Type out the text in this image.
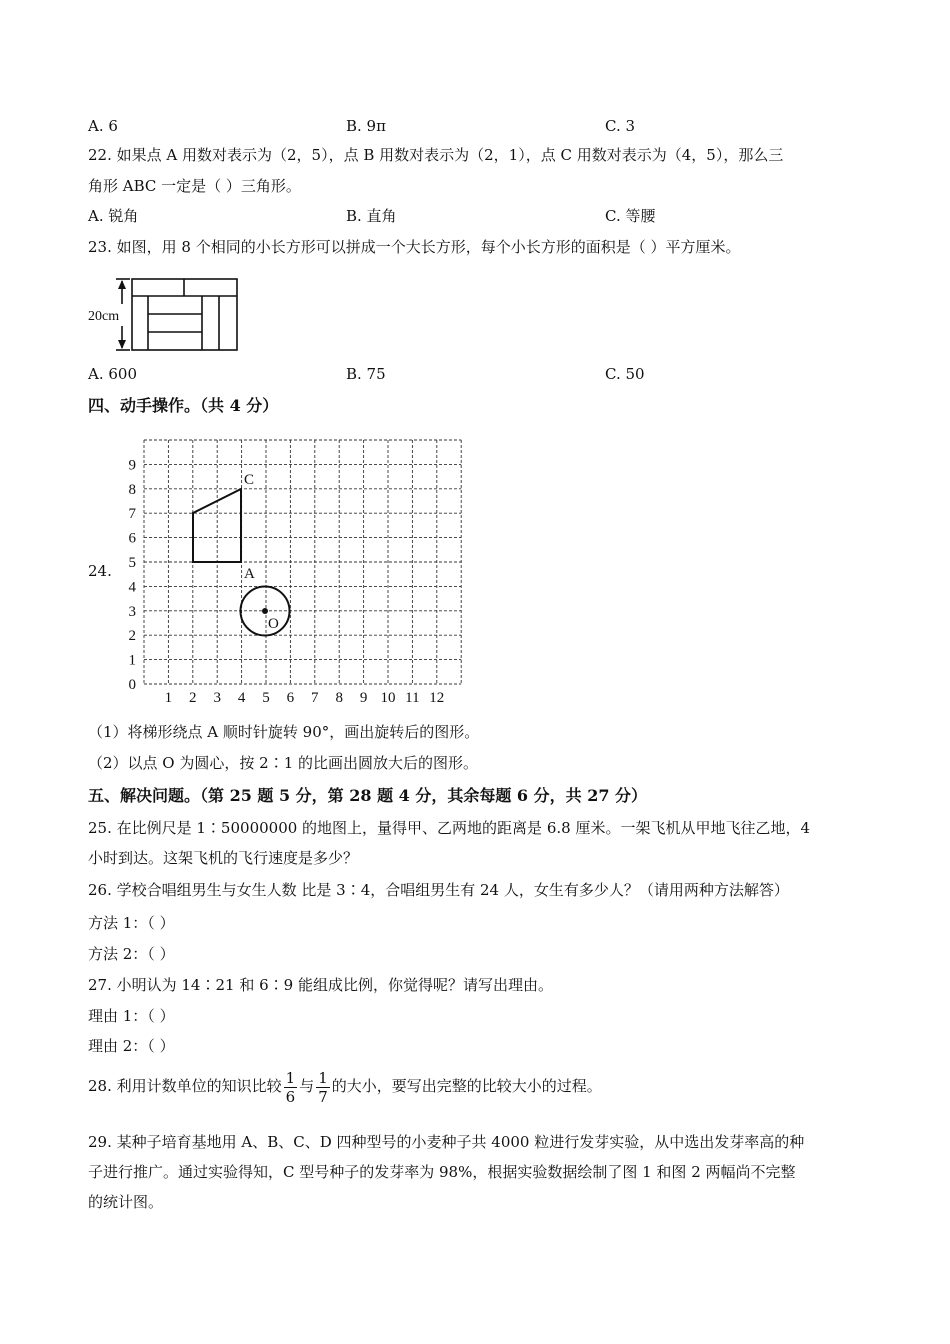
A. 6	B. 9π	C. 3
22. 如果点 A 用数对表示为（2，5），点 B 用数对表示为（2，1），点 C 用数对表示为（4，5），那么三
角形 ABC 一定是（ ）三角形。
A. 锐角	B. 直角	C. 等腰
23. 如图，用 8 个相同的小长方形可以拼成一个大长方形，每个小长方形的面积是（ ）平方厘米。
20cm
A. 600	B. 75	C. 50
四、动手操作。（共 4 分）
24.
1 2 3 4 5 6 7 8 9 10 11 12
0
1
2
3
4
5
6
7
8
9
C
A
O
（1）将梯形绕点 A 顺时针旋转 90°，画出旋转后的图形。
（2）以点 O 为圆心，按 2∶1 的比画出圆放大后的图形。
五、解决问题。（第 25 题 5 分，第 28 题 4 分，其余每题 6 分，共 27 分）
25. 在比例尺是 1∶50000000 的地图上，量得甲、乙两地的距离是 6.8 厘米。一架飞机从甲地飞往乙地，4
小时到达。这架飞机的飞行速度是多少？
26. 学校合唱组男生与女生人数 比是 3∶4，合唱组男生有 24 人，女生有多少人？（请用两种方法解答）
方法 1：（ ）
方法 2：（ ）
27. 小明认为 14∶21 和 6∶9 能组成比例，你觉得呢？请写出理由。
理由 1：（ ）
理由 2：（ ）
28. 利用计数单位的知识比较 $\frac{1}{6}$ 与 $\frac{1}{7}$ 的大小，要写出完整的比较大小的过程。
29. 某种子培育基地用 A、B、C、D 四种型号的小麦种子共 4000 粒进行发芽实验，从中选出发芽率高的种
子进行推广。通过实验得知，C 型号种子的发芽率为 98%，根据实验数据绘制了图 1 和图 2 两幅尚不完整
的统计图。
